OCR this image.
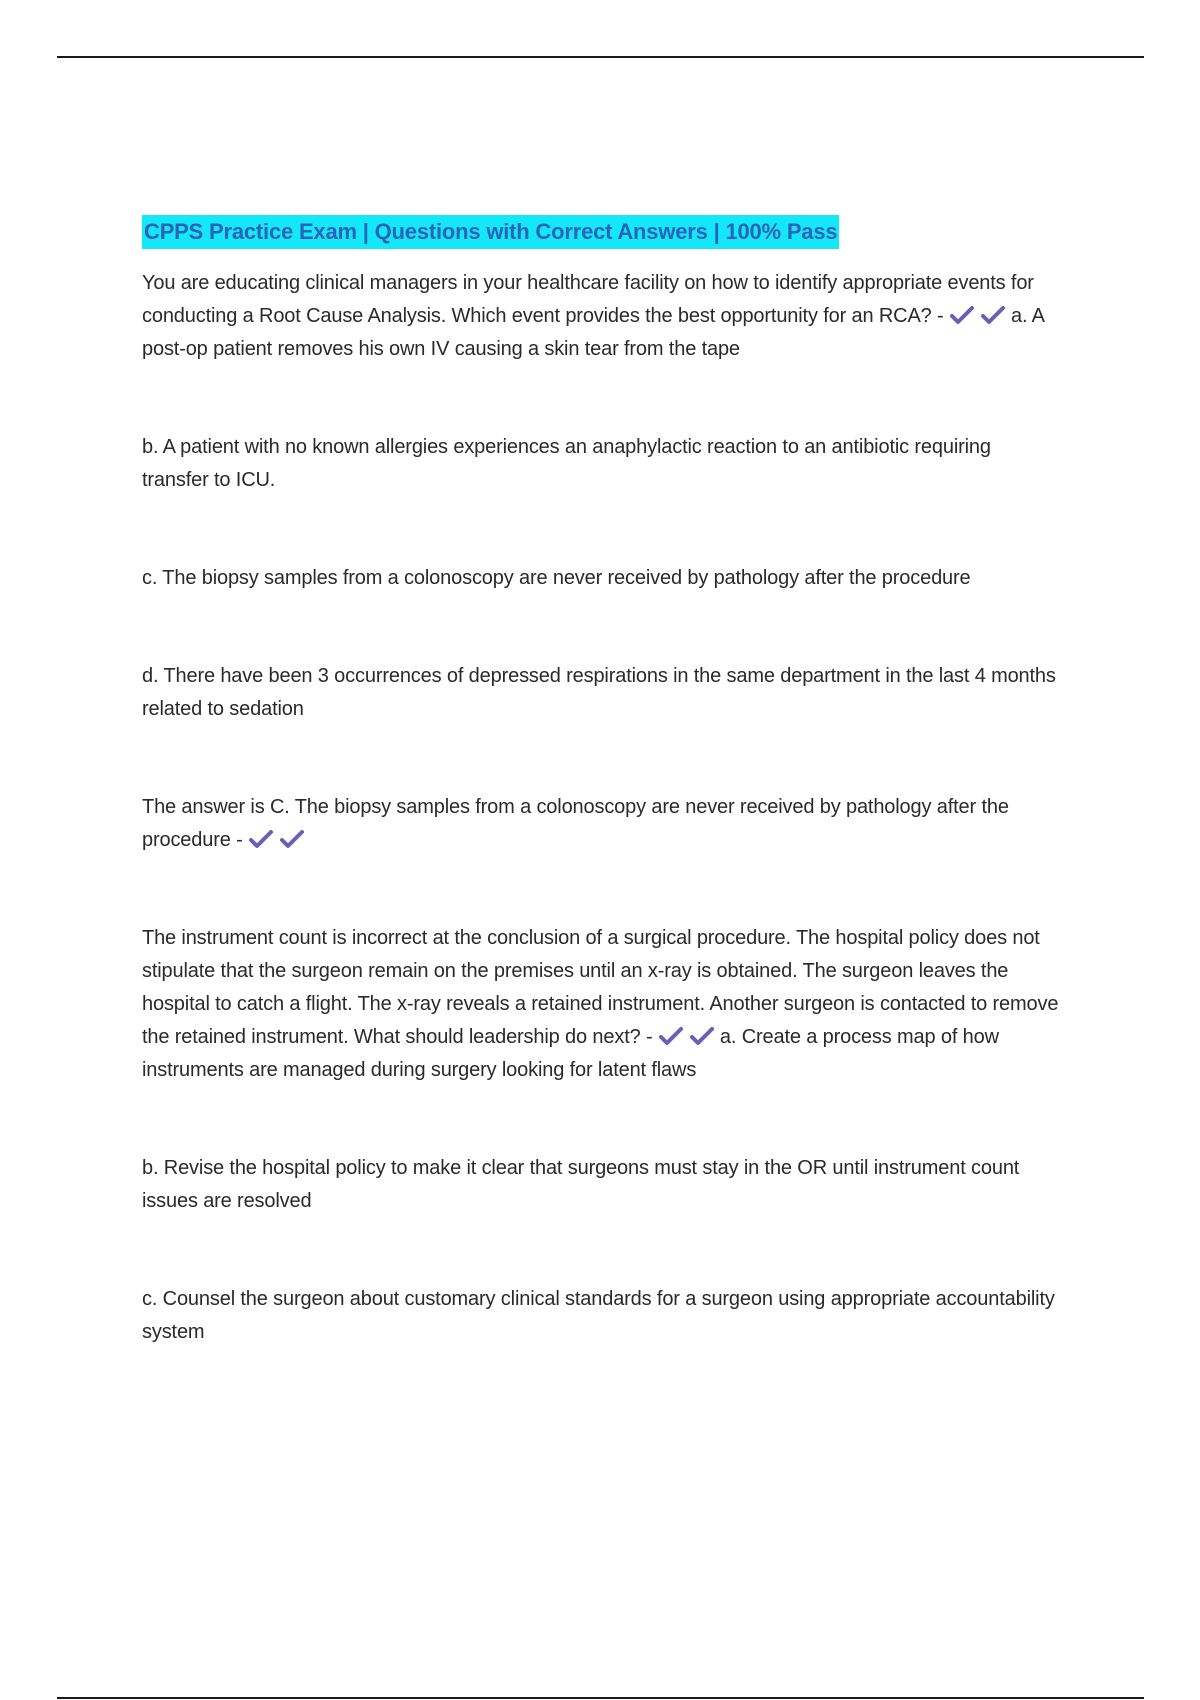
CPPS Practice Exam | Questions with Correct Answers | 100% Pass

You are educating clinical managers in your healthcare facility on how to identify appropriate events for conducting a Root Cause Analysis. Which event provides the best opportunity for an RCA? -	a. A post-op patient removes his own IV causing a skin tear from the tape

b. A patient with no known allergies experiences an anaphylactic reaction to an antibiotic requiring transfer to ICU.

c. The biopsy samples from a colonoscopy are never received by pathology after the procedure

d. There have been 3 occurrences of depressed respirations in the same department in the last 4 months related to sedation

The answer is C. The biopsy samples from a colonoscopy are never received by pathology after the procedure -

The instrument count is incorrect at the conclusion of a surgical procedure. The hospital policy does not stipulate that the surgeon remain on the premises until an x-ray is obtained. The surgeon leaves the hospital to catch a flight. The x-ray reveals a retained instrument. Another surgeon is contacted to remove the retained instrument. What should leadership do next? -	a. Create a process map of how instruments are managed during surgery looking for latent flaws

b. Revise the hospital policy to make it clear that surgeons must stay in the OR until instrument count issues are resolved

c. Counsel the surgeon about customary clinical standards for a surgeon using appropriate accountability system
